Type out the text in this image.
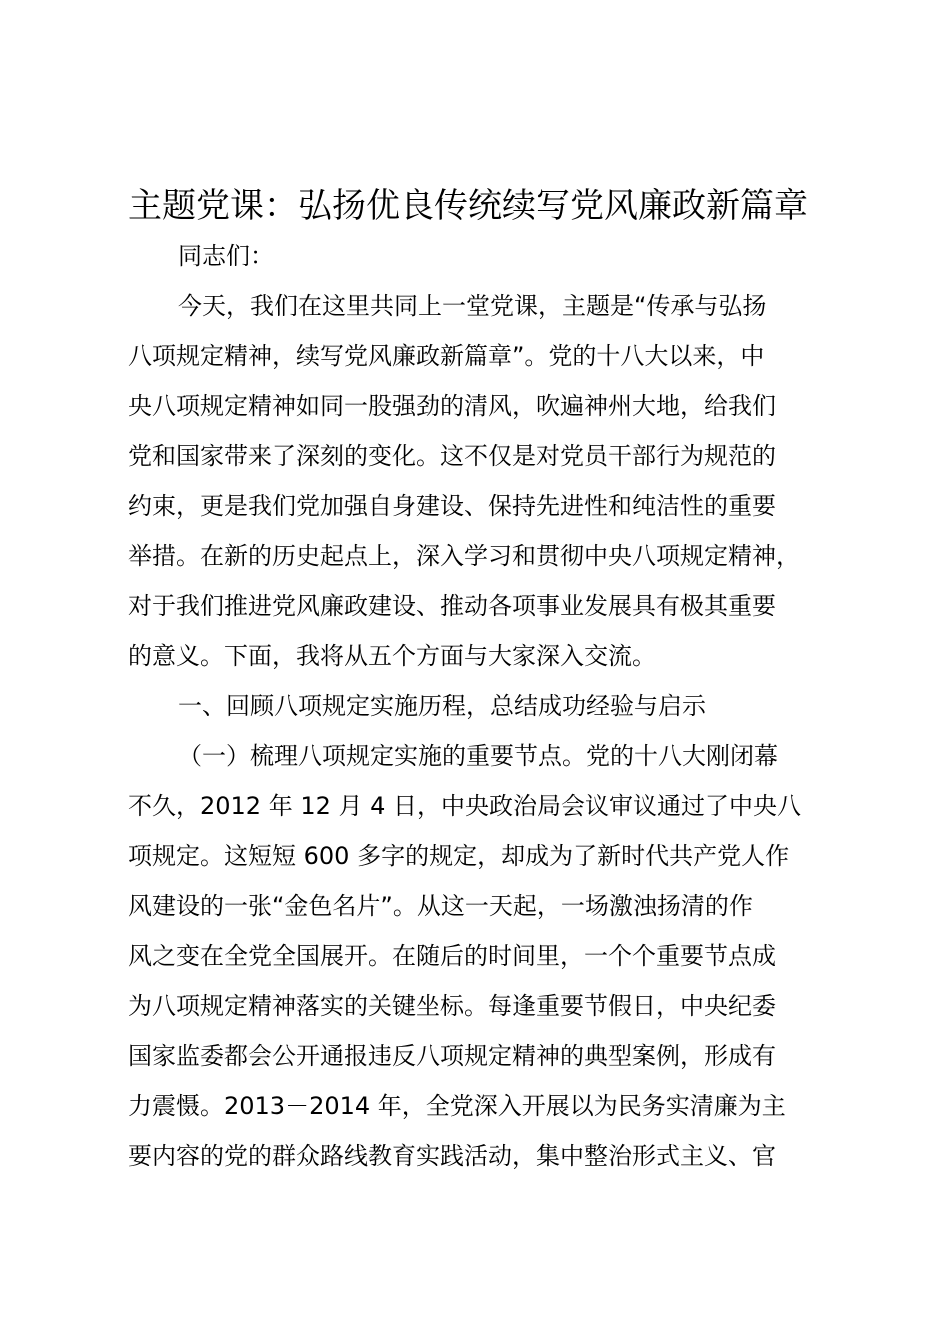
主题党课：弘扬优良传统续写党风廉政新篇章
同志们：
今天，我们在这里共同上一堂党课，主题是“传承与弘扬
八项规定精神，续写党风廉政新篇章”。党的十八大以来，中
央八项规定精神如同一股强劲的清风，吹遍神州大地，给我们
党和国家带来了深刻的变化。这不仅是对党员干部行为规范的
约束，更是我们党加强自身建设、保持先进性和纯洁性的重要
举措。在新的历史起点上，深入学习和贯彻中央八项规定精神，
对于我们推进党风廉政建设、推动各项事业发展具有极其重要
的意义。下面，我将从五个方面与大家深入交流。
一、回顾八项规定实施历程，总结成功经验与启示
（一）梳理八项规定实施的重要节点。党的十八大刚闭幕
不久，2012 年 12 月 4 日，中央政治局会议审议通过了中央八
项规定。这短短 600 多字的规定，却成为了新时代共产党人作
风建设的一张“金色名片”。从这一天起，一场激浊扬清的作
风之变在全党全国展开。在随后的时间里，一个个重要节点成
为八项规定精神落实的关键坐标。每逢重要节假日，中央纪委
国家监委都会公开通报违反八项规定精神的典型案例，形成有
力震慑。2013－2014 年，全党深入开展以为民务实清廉为主
要内容的党的群众路线教育实践活动，集中整治形式主义、官
